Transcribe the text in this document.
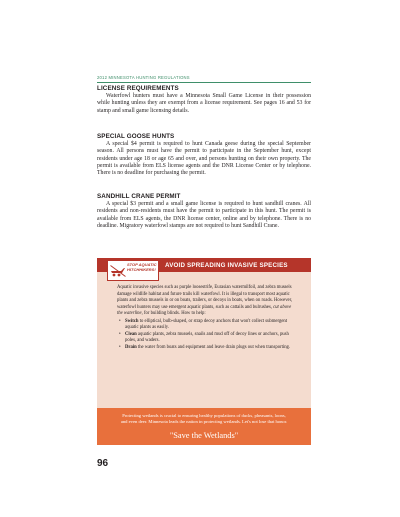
2012 MINNESOTA HUNTING REGULATIONS
LICENSE REQUIREMENTS

Waterfowl hunters must have a Minnesota Small Game License in their possession while hunting unless they are exempt from a license requirement. See pages 16 and 53 for stamp and small game licensing details.

SPECIAL GOOSE HUNTS

A special $4 permit is required to hunt Canada geese during the special September season. All persons must have the permit to participate in the September hunt, except residents under age 18 or age 65 and over, and persons hunting on their own property. The permit is available from ELS license agents and the DNR License Center or by telephone. There is no deadline for purchasing the permit.

SANDHILL CRANE PERMIT

A special $3 permit and a small game license is required to hunt sandhill cranes. All residents and non-residents must have the permit to participate in this hunt. The permit is available from ELS agents, the DNR license center, online and by telephone. There is no deadline. Migratory waterfowl stamps are not required to hunt Sandhill Crane.

STOP AQUATIC HITCHHIKERS!
AVOID SPREADING INVASIVE SPECIES

Aquatic invasive species such as purple loosestrife, Eurasian watermilfoil, and zebra mussels damage wildlife habitat and future trails kill waterfowl. It is illegal to transport most aquatic plants and zebra mussels in or on boats, trailers, or decoys in boats, when on roads. However, waterfowl hunters may use emergent aquatic plants, such as cattails and bulrushes, cut above the waterline, for building blinds. How to help:

• Switch to elliptical, bulb-shaped, or strap decoy anchors that won't collect submergent aquatic plants as easily.
• Clean aquatic plants, zebra mussels, snails and mud off of decoy lines or anchors, push poles, and waders.
• Drain the water from boats and equipment and leave drain plugs out when transporting.
Protecting wetlands is crucial to ensuring healthy populations of ducks, pheasants, loons, and even deer. Minnesota leads the nation in protecting wetlands. Let's not lose that honor.
"Save the Wetlands"
96
